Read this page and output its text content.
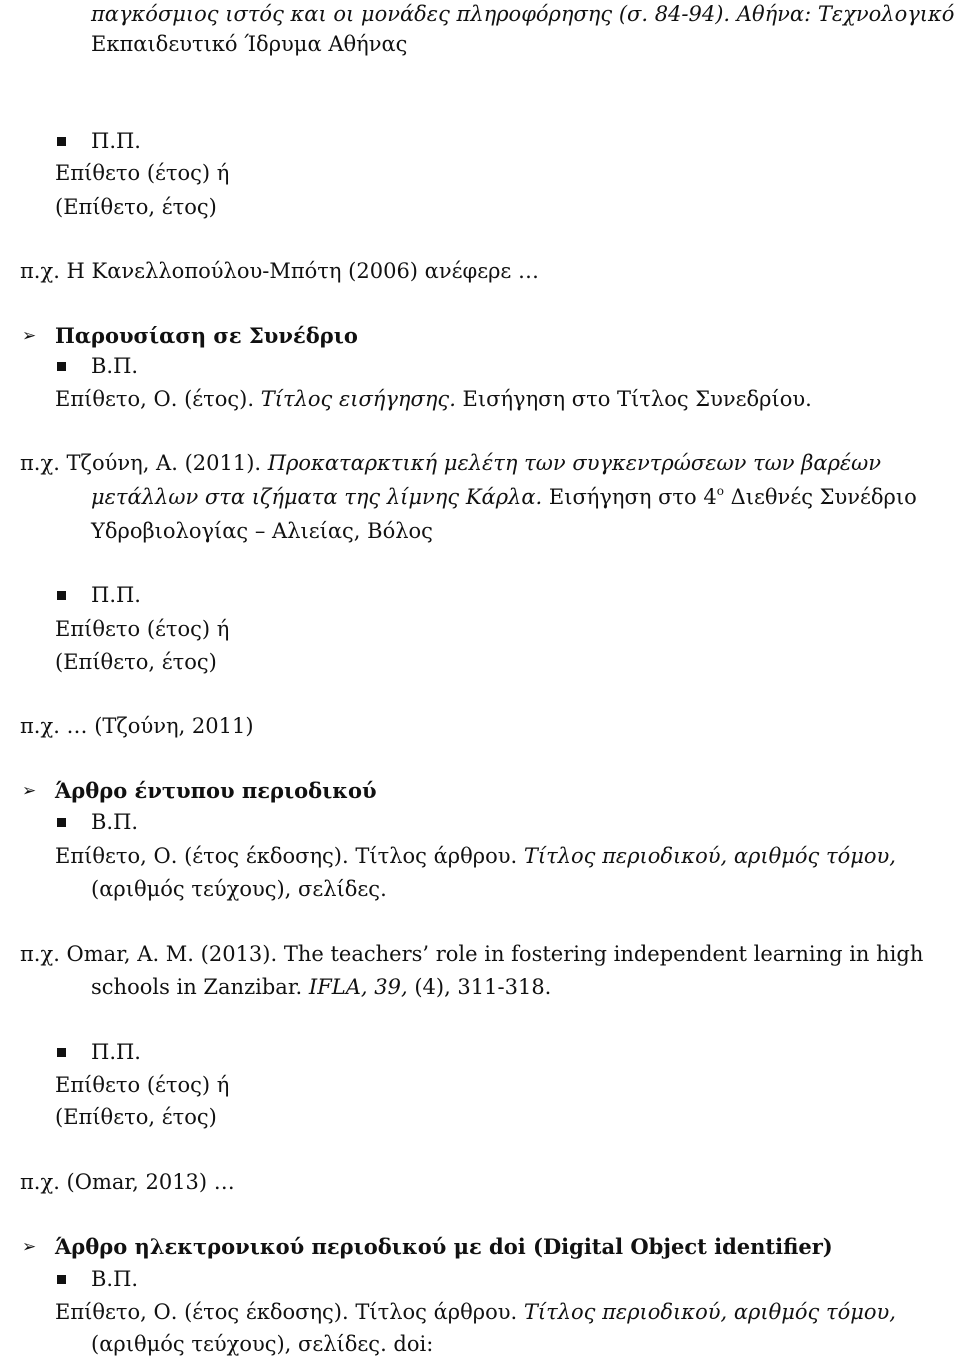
παγκόσμιος ιστός και οι μονάδες πληροφόρησης (σ. 84-94). Αθήνα: Τεχνολογικό
Εκπαιδευτικό Ίδρυμα Αθήνας
Π.Π.
Επίθετο (έτος) ή
(Επίθετο, έτος)
π.χ. Η Κανελλοπούλου-Μπότη (2006) ανέφερε …
➢ Παρουσίαση σε Συνέδριο
Β.Π.
Επίθετο, Ο. (έτος). Τίτλος εισήγησης. Εισήγηση στο Τίτλος Συνεδρίου.
π.χ. Τζούνη, Α. (2011). Προκαταρκτική μελέτη των συγκεντρώσεων των βαρέων
μετάλλων στα ιζήματα της λίμνης Κάρλα. Εισήγηση στο $4^o$ Διεθνές Συνέδριο
Υδροβιολογίας – Αλιείας, Βόλος
Π.Π.
Επίθετο (έτος) ή
(Επίθετο, έτος)
π.χ. … (Τζούνη, 2011)
➢ Άρθρο έντυπου περιοδικού
Β.Π.
Επίθετο, Ο. (έτος έκδοσης). Τίτλος άρθρου. Τίτλος περιοδικού, αριθμός τόμου,
(αριθμός τεύχους), σελίδες.
π.χ. Omar, A. M. (2013). The teachers’ role in fostering independent learning in high
schools in Zanzibar. IFLA, 39, (4), 311-318.
Π.Π.
Επίθετο (έτος) ή
(Επίθετο, έτος)
π.χ. (Omar, 2013) …
➢ Άρθρο ηλεκτρονικού περιοδικού με doi (Digital Object identifier)
Β.Π.
Επίθετο, Ο. (έτος έκδοσης). Τίτλος άρθρου. Τίτλος περιοδικού, αριθμός τόμου,
(αριθμός τεύχους), σελίδες. doi:
